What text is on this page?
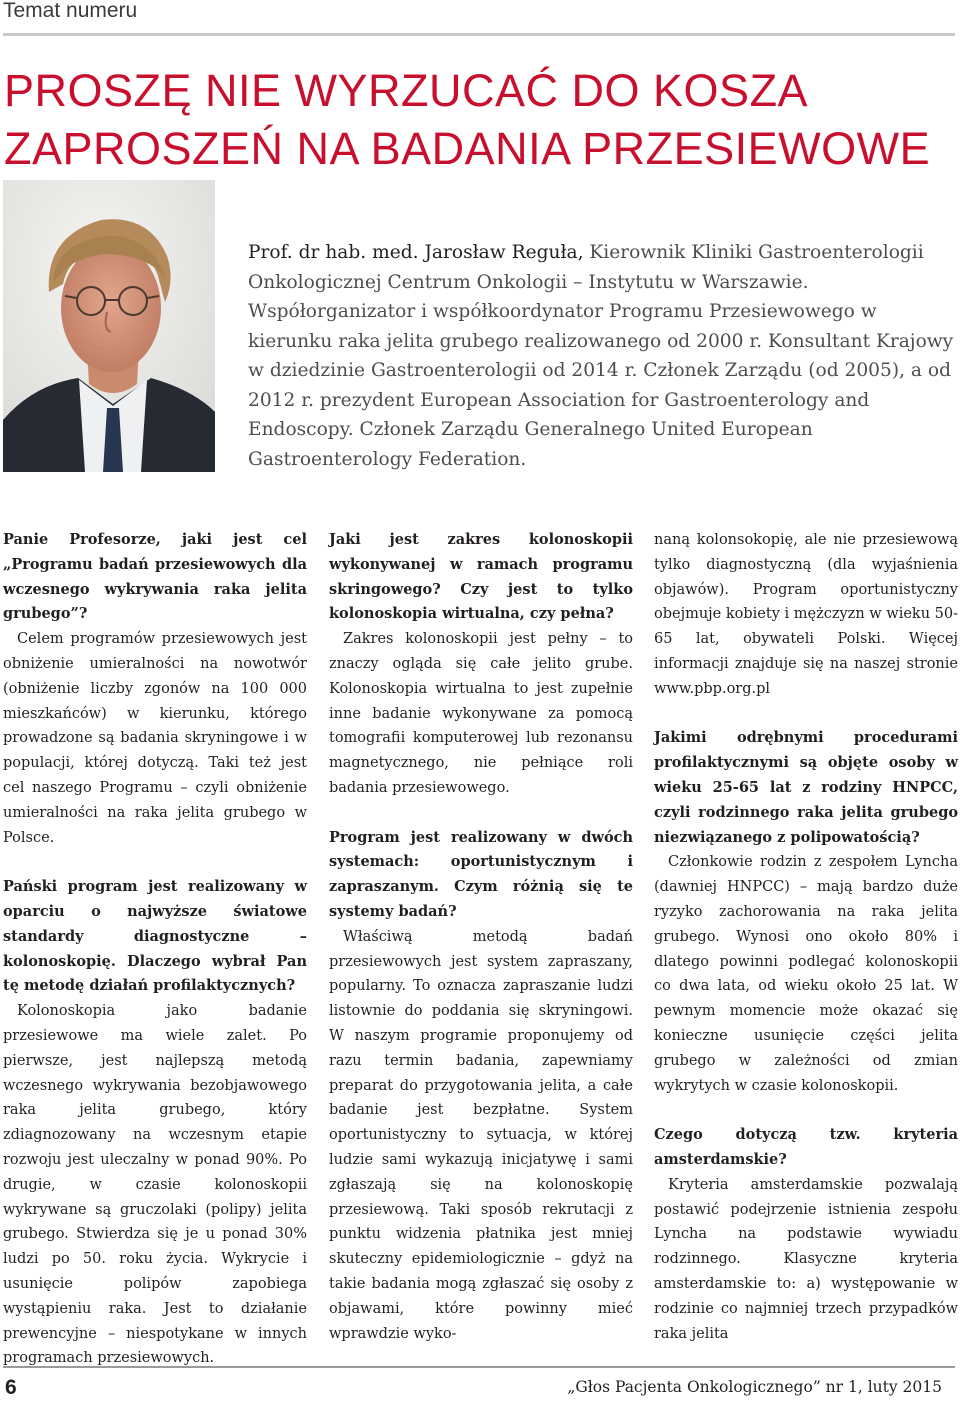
Temat numeru
PROSZĘ NIE WYRZUCAĆ DO KOSZA
ZAPROSZEŃ NA BADANIA PRZESIEWOWE

Prof. dr hab. med. Jarosław Reguła, Kierownik Kliniki Gastroenterologii Onkologicznej Centrum Onkologii – Instytutu w Warszawie. Współorganizator i współkoordynator Programu Przesiewowego w kierunku raka jelita grubego realizowanego od 2000 r. Konsultant Krajowy w dziedzinie Gastroenterologii od 2014 r. Członek Zarządu (od 2005), a od 2012 r. prezydent European Association for Gastroenterology and Endoscopy. Członek Zarządu Generalnego United European Gastroenterology Federation.

Panie Profesorze, jaki jest cel „Programu badań przesiewowych dla wczesnego wykrywania raka jelita grubego”?

Celem programów przesiewowych jest obniżenie umieralności na nowotwór (obniżenie liczby zgonów na 100 000 mieszkańców) w kierunku, którego prowadzone są badania skryningowe i w populacji, której dotyczą. Taki też jest cel naszego Programu – czyli obniżenie umieralności na raka jelita grubego w Polsce.

Pański program jest realizowany w oparciu o najwyższe światowe standardy diagnostyczne – kolonoskopię. Dlaczego wybrał Pan tę metodę działań profilaktycznych?

Kolonoskopia jako badanie przesiewowe ma wiele zalet. Po pierwsze, jest najlepszą metodą wczesnego wykrywania bezobjawowego raka jelita grubego, który zdiagnozowany na wczesnym etapie rozwoju jest uleczalny w ponad 90%. Po drugie, w czasie kolonoskopii wykrywane są gruczolaki (polipy) jelita grubego. Stwierdza się je u ponad 30% ludzi po 50. roku życia. Wykrycie i usunięcie polipów zapobiega wystąpieniu raka. Jest to działanie prewencyjne – niespotykane w innych programach przesiewowych.

Jaki jest zakres kolonoskopii wykonywanej w ramach programu skringowego? Czy jest to tylko kolonoskopia wirtualna, czy pełna?

Zakres kolonoskopii jest pełny – to znaczy ogląda się całe jelito grube. Kolonoskopia wirtualna to jest zupełnie inne badanie wykonywane za pomocą tomografii komputerowej lub rezonansu magnetycznego, nie pełniące roli badania przesiewowego.

Program jest realizowany w dwóch systemach: oportunistycznym i zapraszanym. Czym różnią się te systemy badań?

Właściwą metodą badań przesiewowych jest system zapraszany, popularny. To oznacza zapraszanie ludzi listownie do poddania się skryningowi. W naszym programie proponujemy od razu termin badania, zapewniamy preparat do przygotowania jelita, a całe badanie jest bezpłatne. System oportunistyczny to sytuacja, w której ludzie sami wykazują inicjatywę i sami zgłaszają się na kolonoskopię przesiewową. Taki sposób rekrutacji z punktu widzenia płatnika jest mniej skuteczny epidemiologicznie – gdyż na takie badania mogą zgłaszać się osoby z objawami, które powinny mieć wprawdzie wyko-

naną kolonsokopię, ale nie przesiewową tylko diagnostyczną (dla wyjaśnienia objawów). Program oportunistyczny obejmuje kobiety i mężczyzn w wieku 50-65 lat, obywateli Polski. Więcej informacji znajduje się na naszej stronie www.pbp.org.pl

Jakimi odrębnymi procedurami profilaktycznymi są objęte osoby w wieku 25-65 lat z rodziny HNPCC, czyli rodzinnego raka jelita grubego niezwiązanego z polipowatością?

Członkowie rodzin z zespołem Lyncha (dawniej HNPCC) – mają bardzo duże ryzyko zachorowania na raka jelita grubego. Wynosi ono około 80% i dlatego powinni podlegać kolonoskopii co dwa lata, od wieku około 25 lat. W pewnym momencie może okazać się konieczne usunięcie części jelita grubego w zależności od zmian wykrytych w czasie kolonoskopii.

Czego dotyczą tzw. kryteria amsterdamskie?

Kryteria amsterdamskie pozwalają postawić podejrzenie istnienia zespołu Lyncha na podstawie wywiadu rodzinnego. Klasyczne kryteria amsterdamskie to: a) występowanie w rodzinie co najmniej trzech przypadków raka jelita

6	„Głos Pacjenta Onkologicznego” nr 1, luty 2015
